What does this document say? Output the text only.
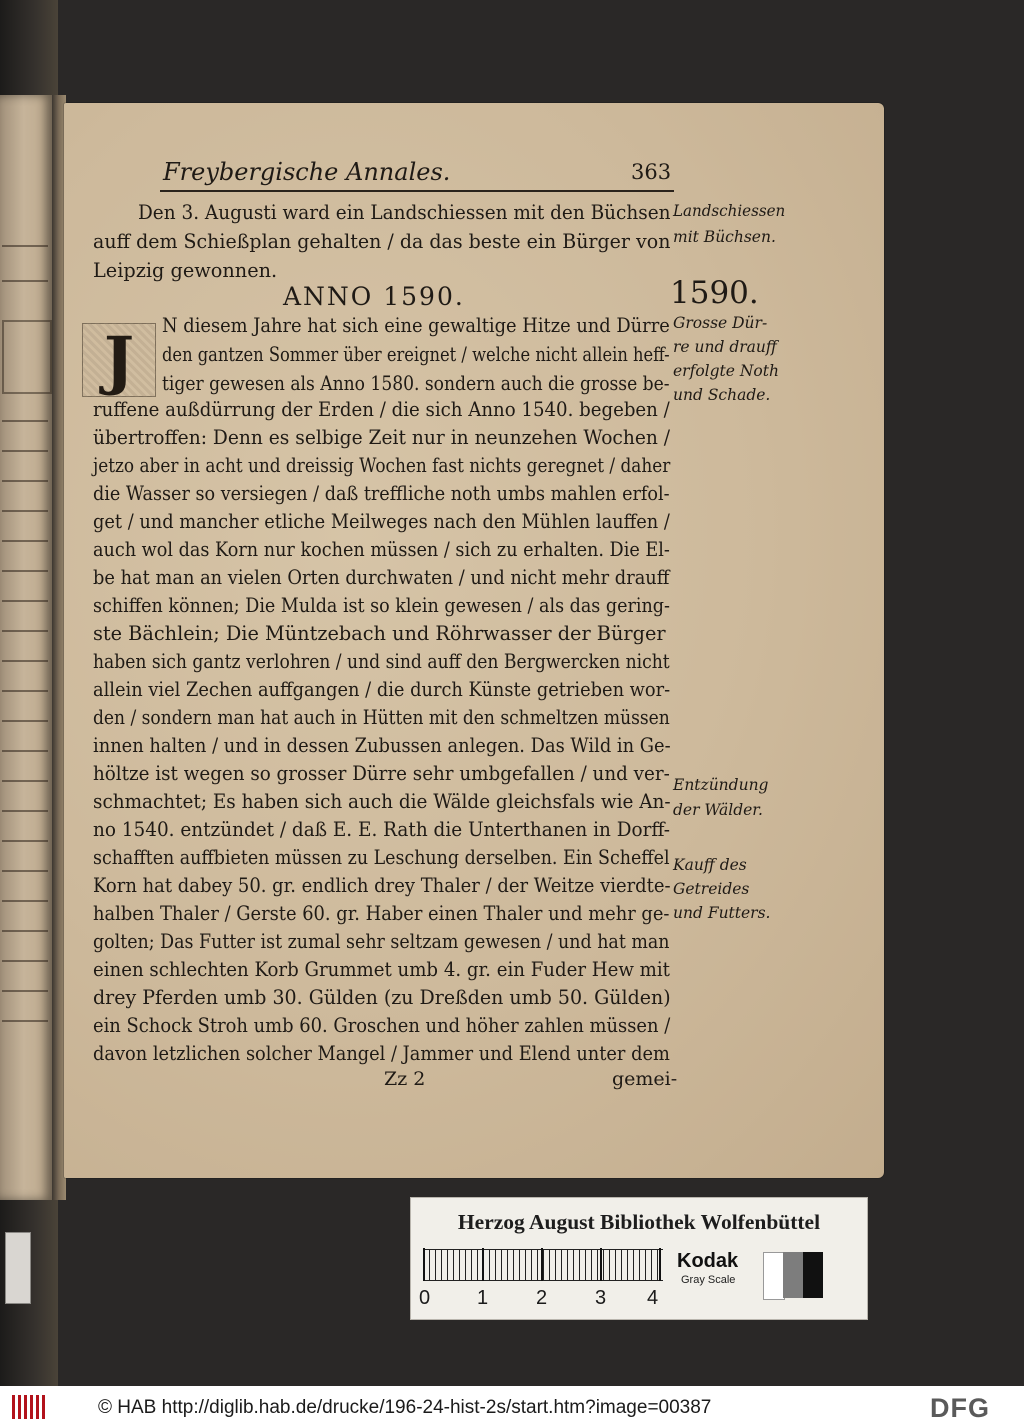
Freybergische Annales.	363
Den 3. Augusti ward ein Landschiessen mit den Büchsen
auff dem Schießplan gehalten / da das beste ein Bürger von
Leipzig gewonnen.
ANNO 1590.	1590.
J	N diesem Jahre hat sich eine gewaltige Hitze und Dürre
den gantzen Sommer über ereignet / welche nicht allein heff-
tiger gewesen als Anno 1580. sondern auch die grosse be-
ruffene außdürrung der Erden / die sich Anno 1540. begeben /
übertroffen: Denn es selbige Zeit nur in neunzehen Wochen /
jetzo aber in acht und dreissig Wochen fast nichts geregnet / daher
die Wasser so versiegen / daß treffliche noth umbs mahlen erfol-
get / und mancher etliche Meilweges nach den Mühlen lauffen /
auch wol das Korn nur kochen müssen / sich zu erhalten. Die El-
be hat man an vielen Orten durchwaten / und nicht mehr drauff
schiffen können; Die Mulda ist so klein gewesen / als das gering-
ste Bächlein; Die Müntzebach und Röhrwasser der Bürger
haben sich gantz verlohren / und sind auff den Bergwercken nicht
allein viel Zechen auffgangen / die durch Künste getrieben wor-
den / sondern man hat auch in Hütten mit den schmeltzen müssen
innen halten / und in dessen Zubussen anlegen. Das Wild in Ge-
höltze ist wegen so grosser Dürre sehr umbgefallen / und ver-
schmachtet; Es haben sich auch die Wälde gleichsfals wie An-
no 1540. entzündet / daß E. E. Rath die Unterthanen in Dorff-
schafften auffbieten müssen zu Leschung derselben. Ein Scheffel
Korn hat dabey 50. gr. endlich drey Thaler / der Weitze vierdte-
halben Thaler / Gerste 60. gr. Haber einen Thaler und mehr ge-
golten; Das Futter ist zumal sehr seltzam gewesen / und hat man
einen schlechten Korb Grummet umb 4. gr. ein Fuder Hew mit
drey Pferden umb 30. Gülden (zu Dreßden umb 50. Gülden)
ein Schock Stroh umb 60. Groschen und höher zahlen müssen /
davon letzlichen solcher Mangel / Jammer und Elend unter dem
Zz 2	gemei-
Landschiessen
mit Büchsen.
Grosse Dür-
re und drauff
erfolgte Noth
und Schade.
Entzündung
der Wälder.
Kauff des
Getreides
und Futters.
Herzog August Bibliothek Wolfenbüttel
0 1 2 3 4
Kodak
Gray Scale
© HAB http://diglib.hab.de/drucke/196-24-hist-2s/start.htm?image=00387	DFG
